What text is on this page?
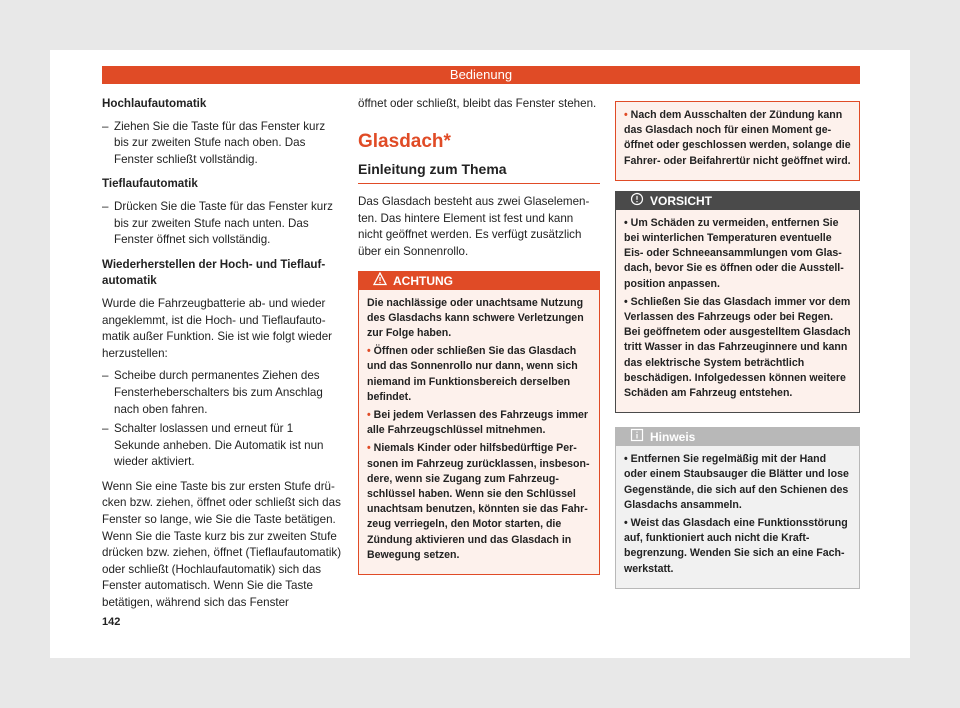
Bedienung

Hochlaufautomatik

– Ziehen Sie die Taste für das Fenster kurz bis zur zweiten Stufe nach oben. Das Fenster schließt vollständig.

Tieflaufautomatik

– Drücken Sie die Taste für das Fenster kurz bis zur zweiten Stufe nach unten. Das Fenster öffnet sich vollständig.

Wiederherstellen der Hoch- und Tieflaufautomatik

Wurde die Fahrzeugbatterie ab- und wieder angeklemmt, ist die Hoch- und Tieflaufautomatik außer Funktion. Sie ist wie folgt wieder herzustellen:

– Scheibe durch permanentes Ziehen des Fensterheberschalters bis zum Anschlag nach oben fahren.
– Schalter loslassen und erneut für 1 Sekunde anheben. Die Automatik ist nun wieder aktiviert.

Wenn Sie eine Taste bis zur ersten Stufe drücken bzw. ziehen, öffnet oder schließt sich das Fenster so lange, wie Sie die Taste betätigen. Wenn Sie die Taste kurz bis zur zweiten Stufe drücken bzw. ziehen, öffnet (Tieflaufautomatik) oder schließt (Hochlaufautomatik) sich das Fenster automatisch. Wenn Sie die Taste betätigen, während sich das Fenster

öffnet oder schließt, bleibt das Fenster stehen.

Glasdach*
Einleitung zum Thema

Das Glasdach besteht aus zwei Glaselementen. Das hintere Element ist fest und kann nicht geöffnet werden. Es verfügt zusätzlich über ein Sonnenrollo.

ACHTUNG

Die nachlässige oder unachtsame Nutzung des Glasdachs kann schwere Verletzungen zur Folge haben.

• Öffnen oder schließen Sie das Glasdach und das Sonnenrollo nur dann, wenn sich niemand im Funktionsbereich derselben befindet.

• Bei jedem Verlassen des Fahrzeugs immer alle Fahrzeugschlüssel mitnehmen.

• Niemals Kinder oder hilfsbedürftige Personen im Fahrzeug zurücklassen, insbesondere, wenn sie Zugang zum Fahrzeugschlüssel haben. Wenn sie den Schlüssel unachtsam benutzen, könnten sie das Fahrzeug verriegeln, den Motor starten, die Zündung aktivieren und das Glasdach in Bewegung setzen.

• Nach dem Ausschalten der Zündung kann das Glasdach noch für einen Moment geöffnet oder geschlossen werden, solange die Fahrer- oder Beifahrertür nicht geöffnet wird.

VORSICHT

• Um Schäden zu vermeiden, entfernen Sie bei winterlichen Temperaturen eventuelle Eis- oder Schneeansammlungen vom Glasdach, bevor Sie es öffnen oder die Ausstellposition anpassen.

• Schließen Sie das Glasdach immer vor dem Verlassen des Fahrzeugs oder bei Regen. Bei geöffnetem oder ausgestelltem Glasdach tritt Wasser in das Fahrzeuginnere und kann das elektrische System beträchtlich beschädigen. Infolgedessen können weitere Schäden am Fahrzeug entstehen.

Hinweis

• Entfernen Sie regelmäßig mit der Hand oder einem Staubsauger die Blätter und lose Gegenstände, die sich auf den Schienen des Glasdachs ansammeln.

• Weist das Glasdach eine Funktionsstörung auf, funktioniert auch nicht die Kraftbegrenzung. Wenden Sie sich an eine Fachwerkstatt.

142
